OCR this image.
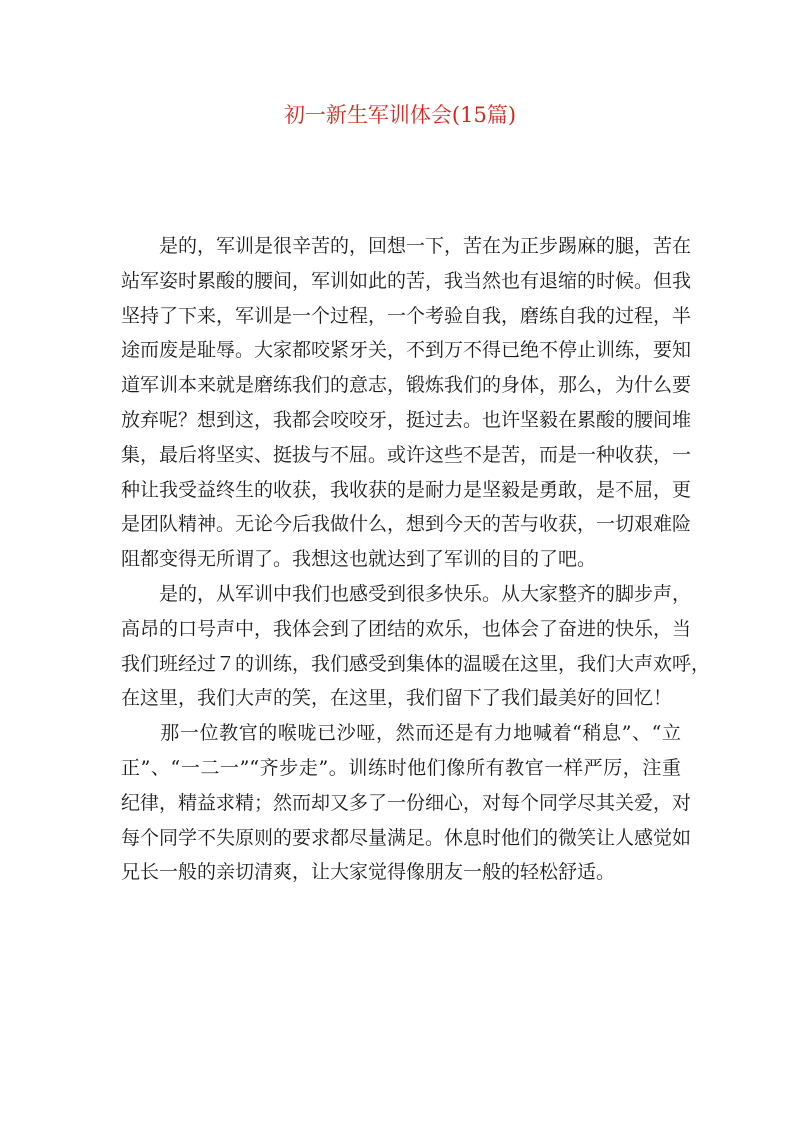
初一新生军训体会(15篇)

　　是的，军训是很辛苦的，回想一下，苦在为正步踢麻的腿，苦在
站军姿时累酸的腰间，军训如此的苦，我当然也有退缩的时候。但我
坚持了下来，军训是一个过程，一个考验自我，磨练自我的过程，半
途而废是耻辱。大家都咬紧牙关，不到万不得已绝不停止训练，要知
道军训本来就是磨练我们的意志，锻炼我们的身体，那么，为什么要
放弃呢？想到这，我都会咬咬牙，挺过去。也许坚毅在累酸的腰间堆
集，最后将坚实、挺拔与不屈。或许这些不是苦，而是一种收获，一
种让我受益终生的收获，我收获的是耐力是坚毅是勇敢，是不屈，更
是团队精神。无论今后我做什么，想到今天的苦与收获，一切艰难险
阻都变得无所谓了。我想这也就达到了军训的目的了吧。

　　是的，从军训中我们也感受到很多快乐。从大家整齐的脚步声，
高昂的口号声中，我体会到了团结的欢乐，也体会了奋进的快乐，当
我们班经过７的训练，我们感受到集体的温暖在这里，我们大声欢呼，
在这里，我们大声的笑，在这里，我们留下了我们最美好的回忆！

　　那一位教官的喉咙已沙哑，然而还是有力地喊着“稍息”、“立
正”、“一二一”“齐步走”。训练时他们像所有教官一样严厉，注重
纪律，精益求精；然而却又多了一份细心，对每个同学尽其关爱，对
每个同学不失原则的要求都尽量满足。休息时他们的微笑让人感觉如
兄长一般的亲切清爽，让大家觉得像朋友一般的轻松舒适。
